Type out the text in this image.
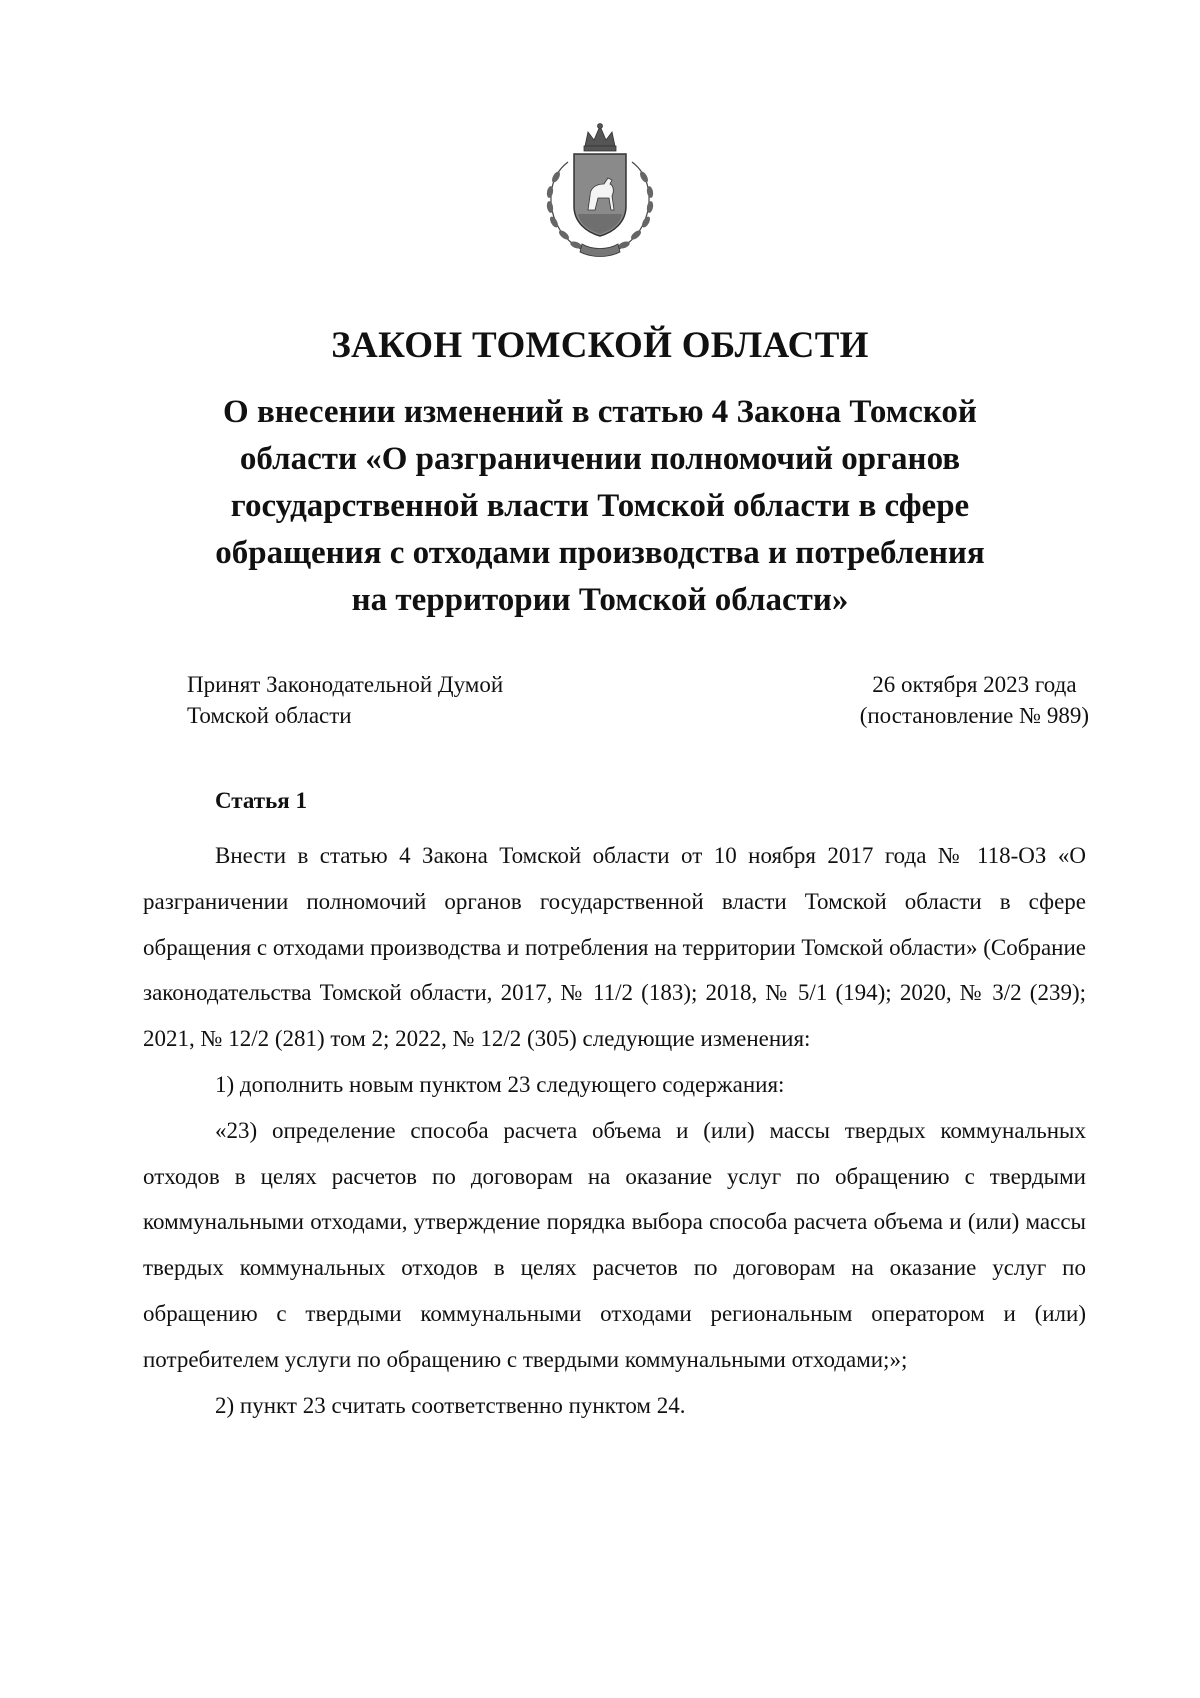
ЗАКОН ТОМСКОЙ ОБЛАСТИ
О внесении изменений в статью 4 Закона Томской
области «О разграничении полномочий органов
государственной власти Томской области в сфере
обращения с отходами производства и потребления
на территории Томской области»
Принят Законодательной Думой
Томской области
26 октября 2023 года
(постановление № 989)
Статья 1

Внести в статью 4 Закона Томской области от 10 ноября 2017 года № 118-ОЗ «О разграничении полномочий органов государственной власти Томской области в сфере обращения с отходами производства и потребления на территории Томской области» (Собрание законодательства Томской области, 2017, № 11/2 (183); 2018, № 5/1 (194); 2020, № 3/2 (239); 2021, № 12/2 (281) том 2; 2022, № 12/2 (305) следующие изменения:

1) дополнить новым пунктом 23 следующего содержания:

«23) определение способа расчета объема и (или) массы твердых коммунальных отходов в целях расчетов по договорам на оказание услуг по обращению с твердыми коммунальными отходами, утверждение порядка выбора способа расчета объема и (или) массы твердых коммунальных отходов в целях расчетов по договорам на оказание услуг по обращению с твердыми коммунальными отходами региональным оператором и (или) потребителем услуги по обращению с твердыми коммунальными отходами;»;

2) пункт 23 считать соответственно пунктом 24.
